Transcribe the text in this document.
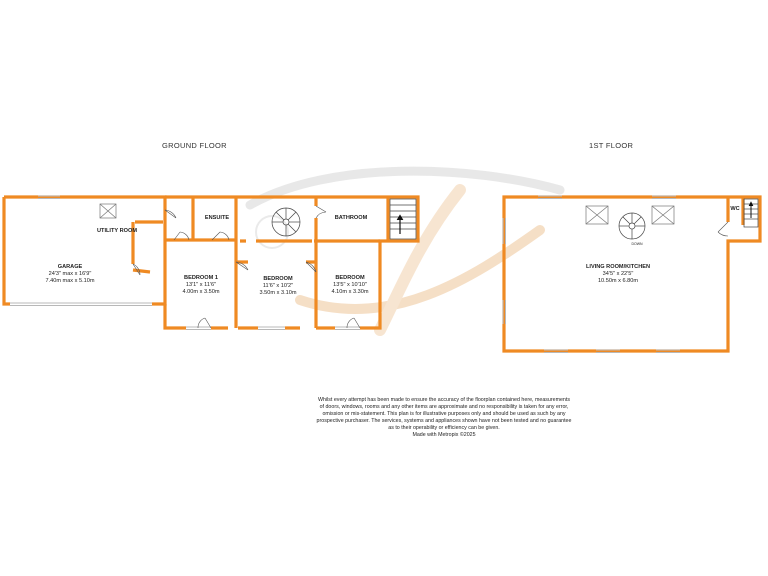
GROUND FLOOR	1ST FLOOR
GARAGE
24'3" max x 16'9"
7.40m max x 5.10m
UTILITY ROOM
ENSUITE	BATHROOM
BEDROOM 1
13'1" x 11'6"
4.00m x 3.50m
BEDROOM
11'6" x 10'2"
3.50m x 3.10m
BEDROOM
13'5" x 10'10"
4.10m x 3.30m
LIVING ROOM/KITCHEN
34'5" x 22'5"
10.50m x 6.80m
WC
DOWN
Whilst every attempt has been made to ensure the accuracy of the floorplan contained here, measurements
of doors, windows, rooms and any other items are approximate and no responsibility is taken for any error,
omission or mis-statement. This plan is for illustrative purposes only and should be used as such by any
prospective purchaser. The services, systems and appliances shown have not been tested and no guarantee
as to their operability or efficiency can be given.
Made with Metropix ©2025
